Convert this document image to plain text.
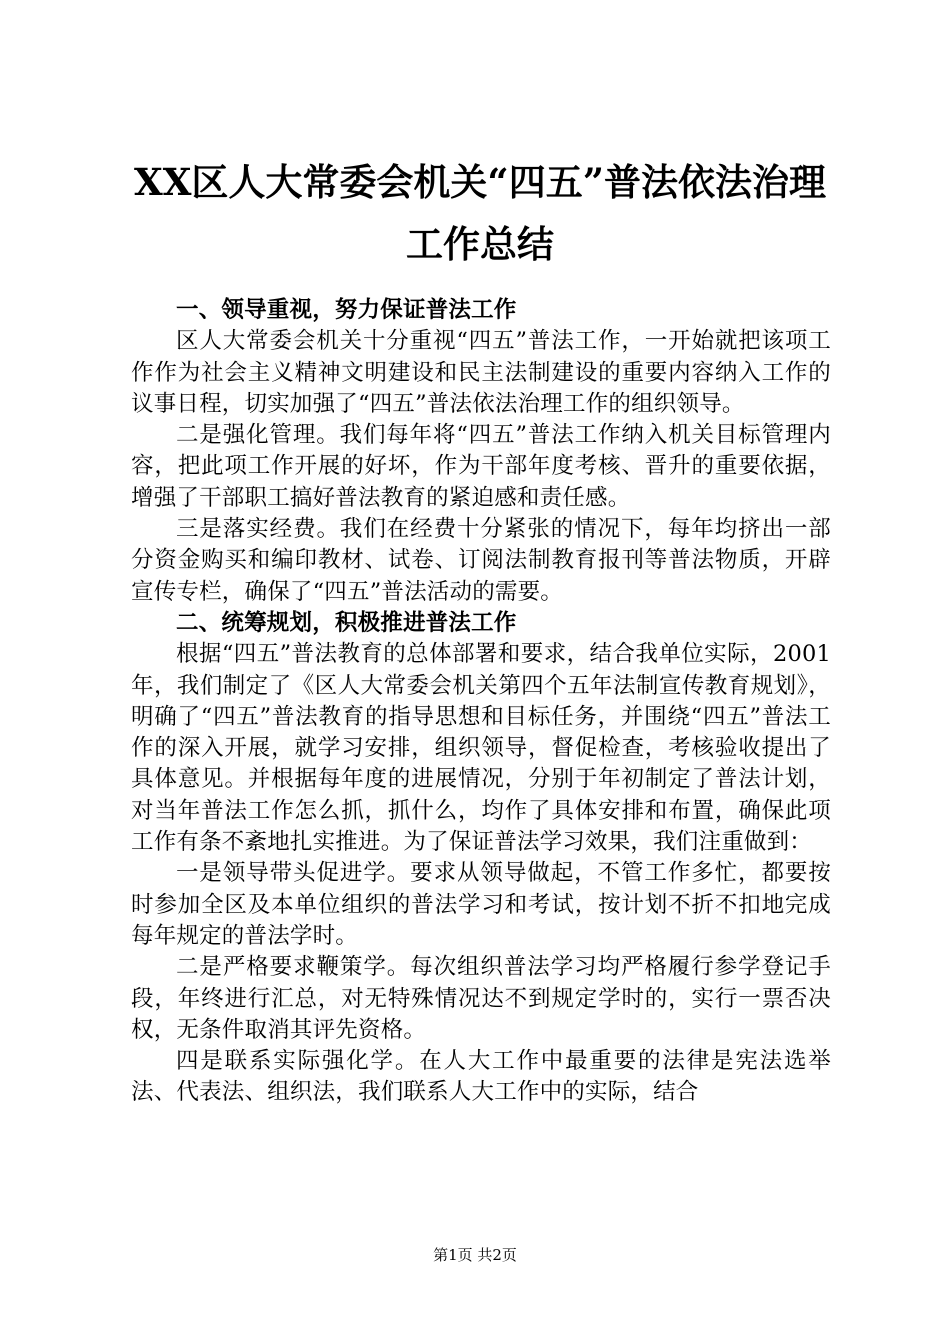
XX区人大常委会机关“四五”普法依法治理
工作总结

一、领导重视，努力保证普法工作

区人大常委会机关十分重视“四五”普法工作，一开始就把该项工作作为社会主义精神文明建设和民主法制建设的重要内容纳入工作的议事日程，切实加强了“四五”普法依法治理工作的组织领导。

二是强化管理。我们每年将“四五”普法工作纳入机关目标管理内容，把此项工作开展的好坏，作为干部年度考核、晋升的重要依据，增强了干部职工搞好普法教育的紧迫感和责任感。

三是落实经费。我们在经费十分紧张的情况下，每年均挤出一部分资金购买和编印教材、试卷、订阅法制教育报刊等普法物质，开辟宣传专栏，确保了“四五”普法活动的需要。

二、统筹规划，积极推进普法工作

根据“四五”普法教育的总体部署和要求，结合我单位实际，2001年，我们制定了《区人大常委会机关第四个五年法制宣传教育规划》，明确了“四五”普法教育的指导思想和目标任务，并围绕“四五”普法工作的深入开展，就学习安排，组织领导，督促检查，考核验收提出了具体意见。并根据每年度的进展情况，分别于年初制定了普法计划，对当年普法工作怎么抓，抓什么，均作了具体安排和布置，确保此项工作有条不紊地扎实推进。为了保证普法学习效果，我们注重做到：

一是领导带头促进学。要求从领导做起，不管工作多忙，都要按时参加全区及本单位组织的普法学习和考试，按计划不折不扣地完成每年规定的普法学时。

二是严格要求鞭策学。每次组织普法学习均严格履行参学登记手段，年终进行汇总，对无特殊情况达不到规定学时的，实行一票否决权，无条件取消其评先资格。

四是联系实际强化学。在人大工作中最重要的法律是宪法选举法、代表法、组织法，我们联系人大工作中的实际，结合

第1页 共2页
